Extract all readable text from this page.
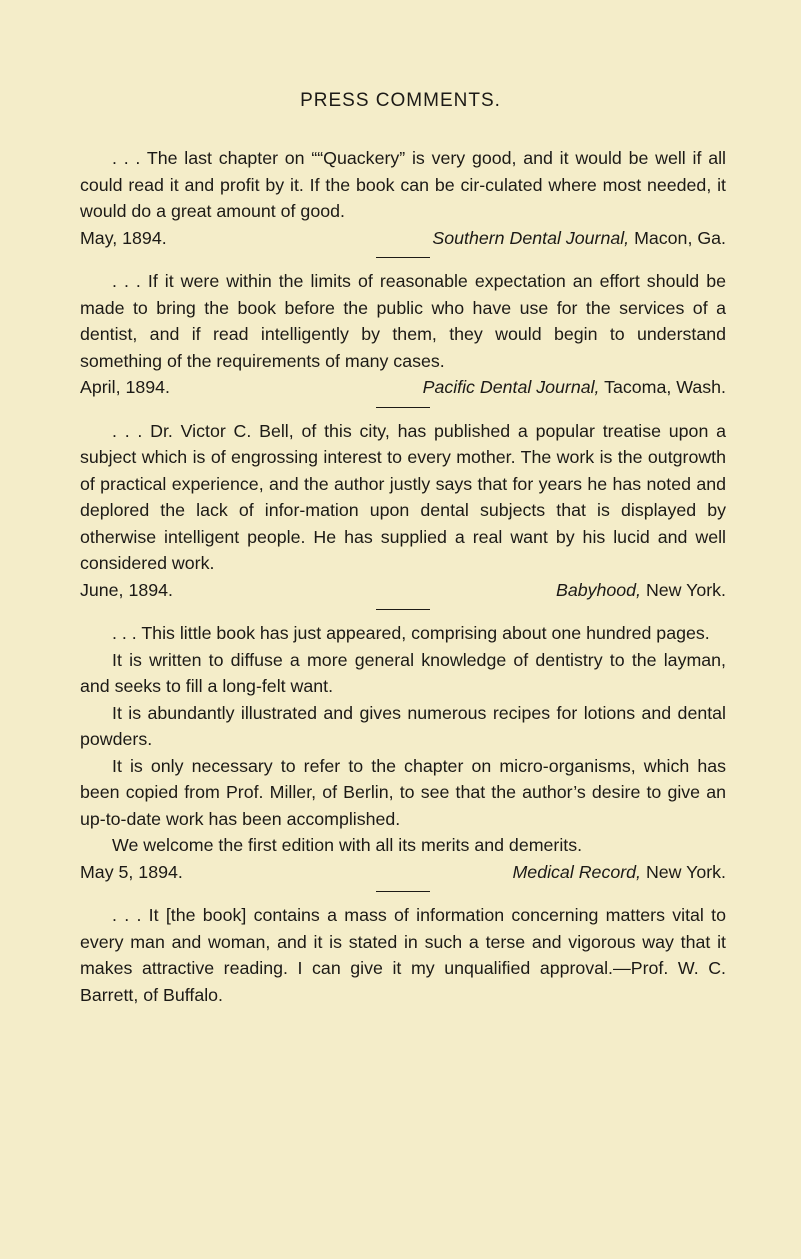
PRESS COMMENTS.

. . . The last chapter on ““Quackery” is very good, and it would be well if all could read it and profit by it. If the book can be cir-culated where most needed, it would do a great amount of good.

May, 1894.	Southern Dental Journal, Macon, Ga.

. . . If it were within the limits of reasonable expectation an effort should be made to bring the book before the public who have use for the services of a dentist, and if read intelligently by them, they would begin to understand something of the requirements of many cases.

April, 1894.	Pacific Dental Journal, Tacoma, Wash.

. . . Dr. Victor C. Bell, of this city, has published a popular treatise upon a subject which is of engrossing interest to every mother. The work is the outgrowth of practical experience, and the author justly says that for years he has noted and deplored the lack of infor-mation upon dental subjects that is displayed by otherwise intelligent people. He has supplied a real want by his lucid and well considered work.

June, 1894.	Babyhood, New York.

. . . This little book has just appeared, comprising about one hundred pages.

It is written to diffuse a more general knowledge of dentistry to the layman, and seeks to fill a long-felt want.

It is abundantly illustrated and gives numerous recipes for lotions and dental powders.

It is only necessary to refer to the chapter on micro-organisms, which has been copied from Prof. Miller, of Berlin, to see that the author’s desire to give an up-to-date work has been accomplished.

We welcome the first edition with all its merits and demerits.

May 5, 1894.	Medical Record, New York.

. . . It [the book] contains a mass of information concerning matters vital to every man and woman, and it is stated in such a terse and vigorous way that it makes attractive reading. I can give it my unqualified approval.—Prof. W. C. Barrett, of Buffalo.
